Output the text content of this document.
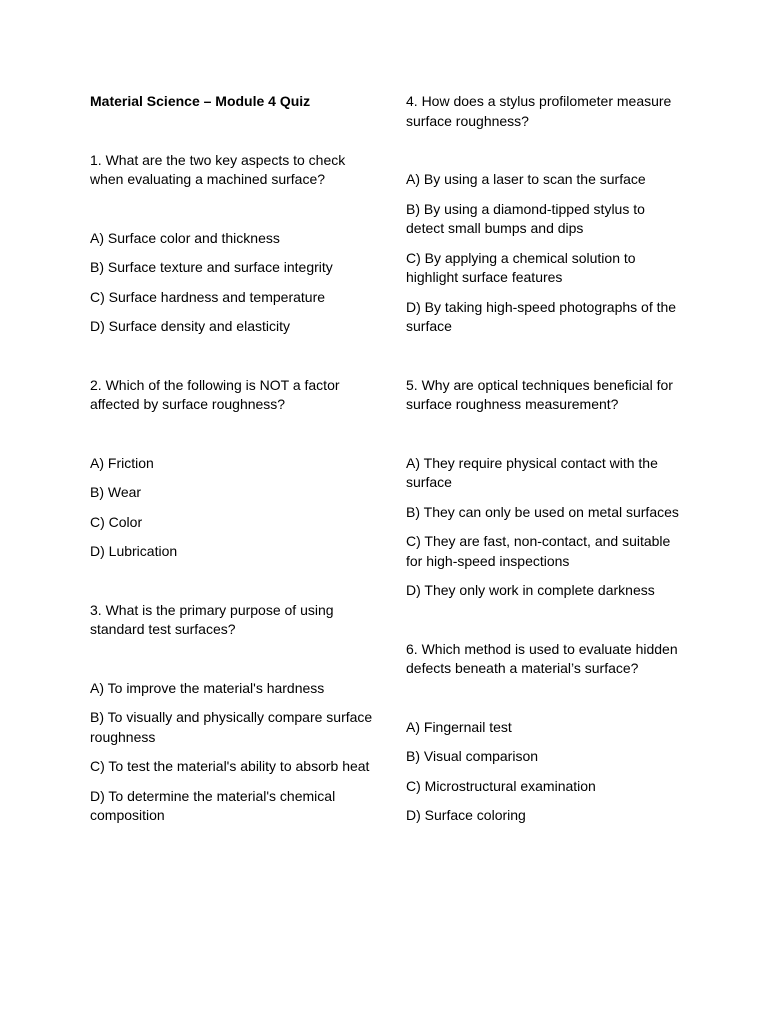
Material Science – Module 4 Quiz

1. What are the two key aspects to check when evaluating a machined surface?

A) Surface color and thickness
B) Surface texture and surface integrity
C) Surface hardness and temperature
D) Surface density and elasticity

2. Which of the following is NOT a factor affected by surface roughness?

A) Friction
B) Wear
C) Color
D) Lubrication

3. What is the primary purpose of using standard test surfaces?

A) To improve the material's hardness
B) To visually and physically compare surface roughness
C) To test the material's ability to absorb heat
D) To determine the material's chemical composition

4. How does a stylus profilometer measure surface roughness?

A) By using a laser to scan the surface
B) By using a diamond-tipped stylus to detect small bumps and dips
C) By applying a chemical solution to highlight surface features
D) By taking high-speed photographs of the surface

5. Why are optical techniques beneficial for surface roughness measurement?

A) They require physical contact with the surface
B) They can only be used on metal surfaces
C) They are fast, non-contact, and suitable for high-speed inspections
D) They only work in complete darkness

6. Which method is used to evaluate hidden defects beneath a material’s surface?

A) Fingernail test
B) Visual comparison
C) Microstructural examination
D) Surface coloring
